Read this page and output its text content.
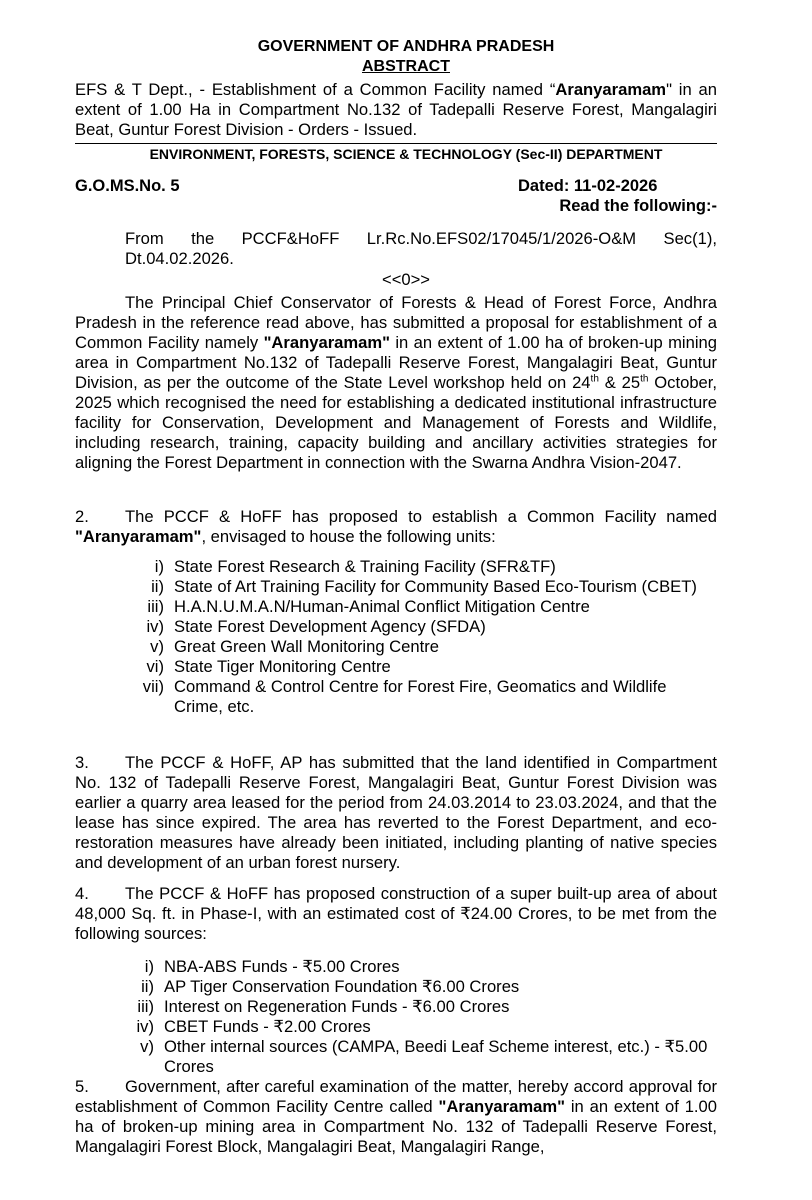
GOVERNMENT OF ANDHRA PRADESH
ABSTRACT
EFS & T Dept., - Establishment of a Common Facility named “Aranyaramam" in an extent of 1.00 Ha in Compartment No.132 of Tadepalli Reserve Forest, Mangalagiri Beat, Guntur Forest Division - Orders - Issued.
ENVIRONMENT, FORESTS, SCIENCE & TECHNOLOGY (Sec-II) DEPARTMENT
G.O.MS.No. 5	Dated: 11-02-2026
Read the following:-
From the PCCF&HoFF Lr.Rc.No.EFS02/17045/1/2026-O&M Sec(1), Dt.04.02.2026.
<<0>>
The Principal Chief Conservator of Forests & Head of Forest Force, Andhra Pradesh in the reference read above, has submitted a proposal for establishment of a Common Facility namely "Aranyaramam" in an extent of 1.00 ha of broken-up mining area in Compartment No.132 of Tadepalli Reserve Forest, Mangalagiri Beat, Guntur Division, as per the outcome of the State Level workshop held on 24th & 25th October, 2025 which recognised the need for establishing a dedicated institutional infrastructure facility for Conservation, Development and Management of Forests and Wildlife, including research, training, capacity building and ancillary activities strategies for aligning the Forest Department in connection with the Swarna Andhra Vision-2047.
2. The PCCF & HoFF has proposed to establish a Common Facility named "Aranyaramam", envisaged to house the following units:
i) State Forest Research & Training Facility (SFR&TF)
ii) State of Art Training Facility for Community Based Eco-Tourism (CBET)
iii) H.A.N.U.M.A.N/Human-Animal Conflict Mitigation Centre
iv) State Forest Development Agency (SFDA)
v) Great Green Wall Monitoring Centre
vi) State Tiger Monitoring Centre
vii) Command & Control Centre for Forest Fire, Geomatics and Wildlife Crime, etc.
3. The PCCF & HoFF, AP has submitted that the land identified in Compartment No. 132 of Tadepalli Reserve Forest, Mangalagiri Beat, Guntur Forest Division was earlier a quarry area leased for the period from 24.03.2014 to 23.03.2024, and that the lease has since expired. The area has reverted to the Forest Department, and eco-restoration measures have already been initiated, including planting of native species and development of an urban forest nursery.
4. The PCCF & HoFF has proposed construction of a super built-up area of about 48,000 Sq. ft. in Phase-I, with an estimated cost of ₹24.00 Crores, to be met from the following sources:
i) NBA-ABS Funds - ₹5.00 Crores
ii) AP Tiger Conservation Foundation ₹6.00 Crores
iii) Interest on Regeneration Funds - ₹6.00 Crores
iv) CBET Funds - ₹2.00 Crores
v) Other internal sources (CAMPA, Beedi Leaf Scheme interest, etc.) - ₹5.00 Crores
5. Government, after careful examination of the matter, hereby accord approval for establishment of Common Facility Centre called "Aranyaramam" in an extent of 1.00 ha of broken-up mining area in Compartment No. 132 of Tadepalli Reserve Forest, Mangalagiri Forest Block, Mangalagiri Beat, Mangalagiri Range,
